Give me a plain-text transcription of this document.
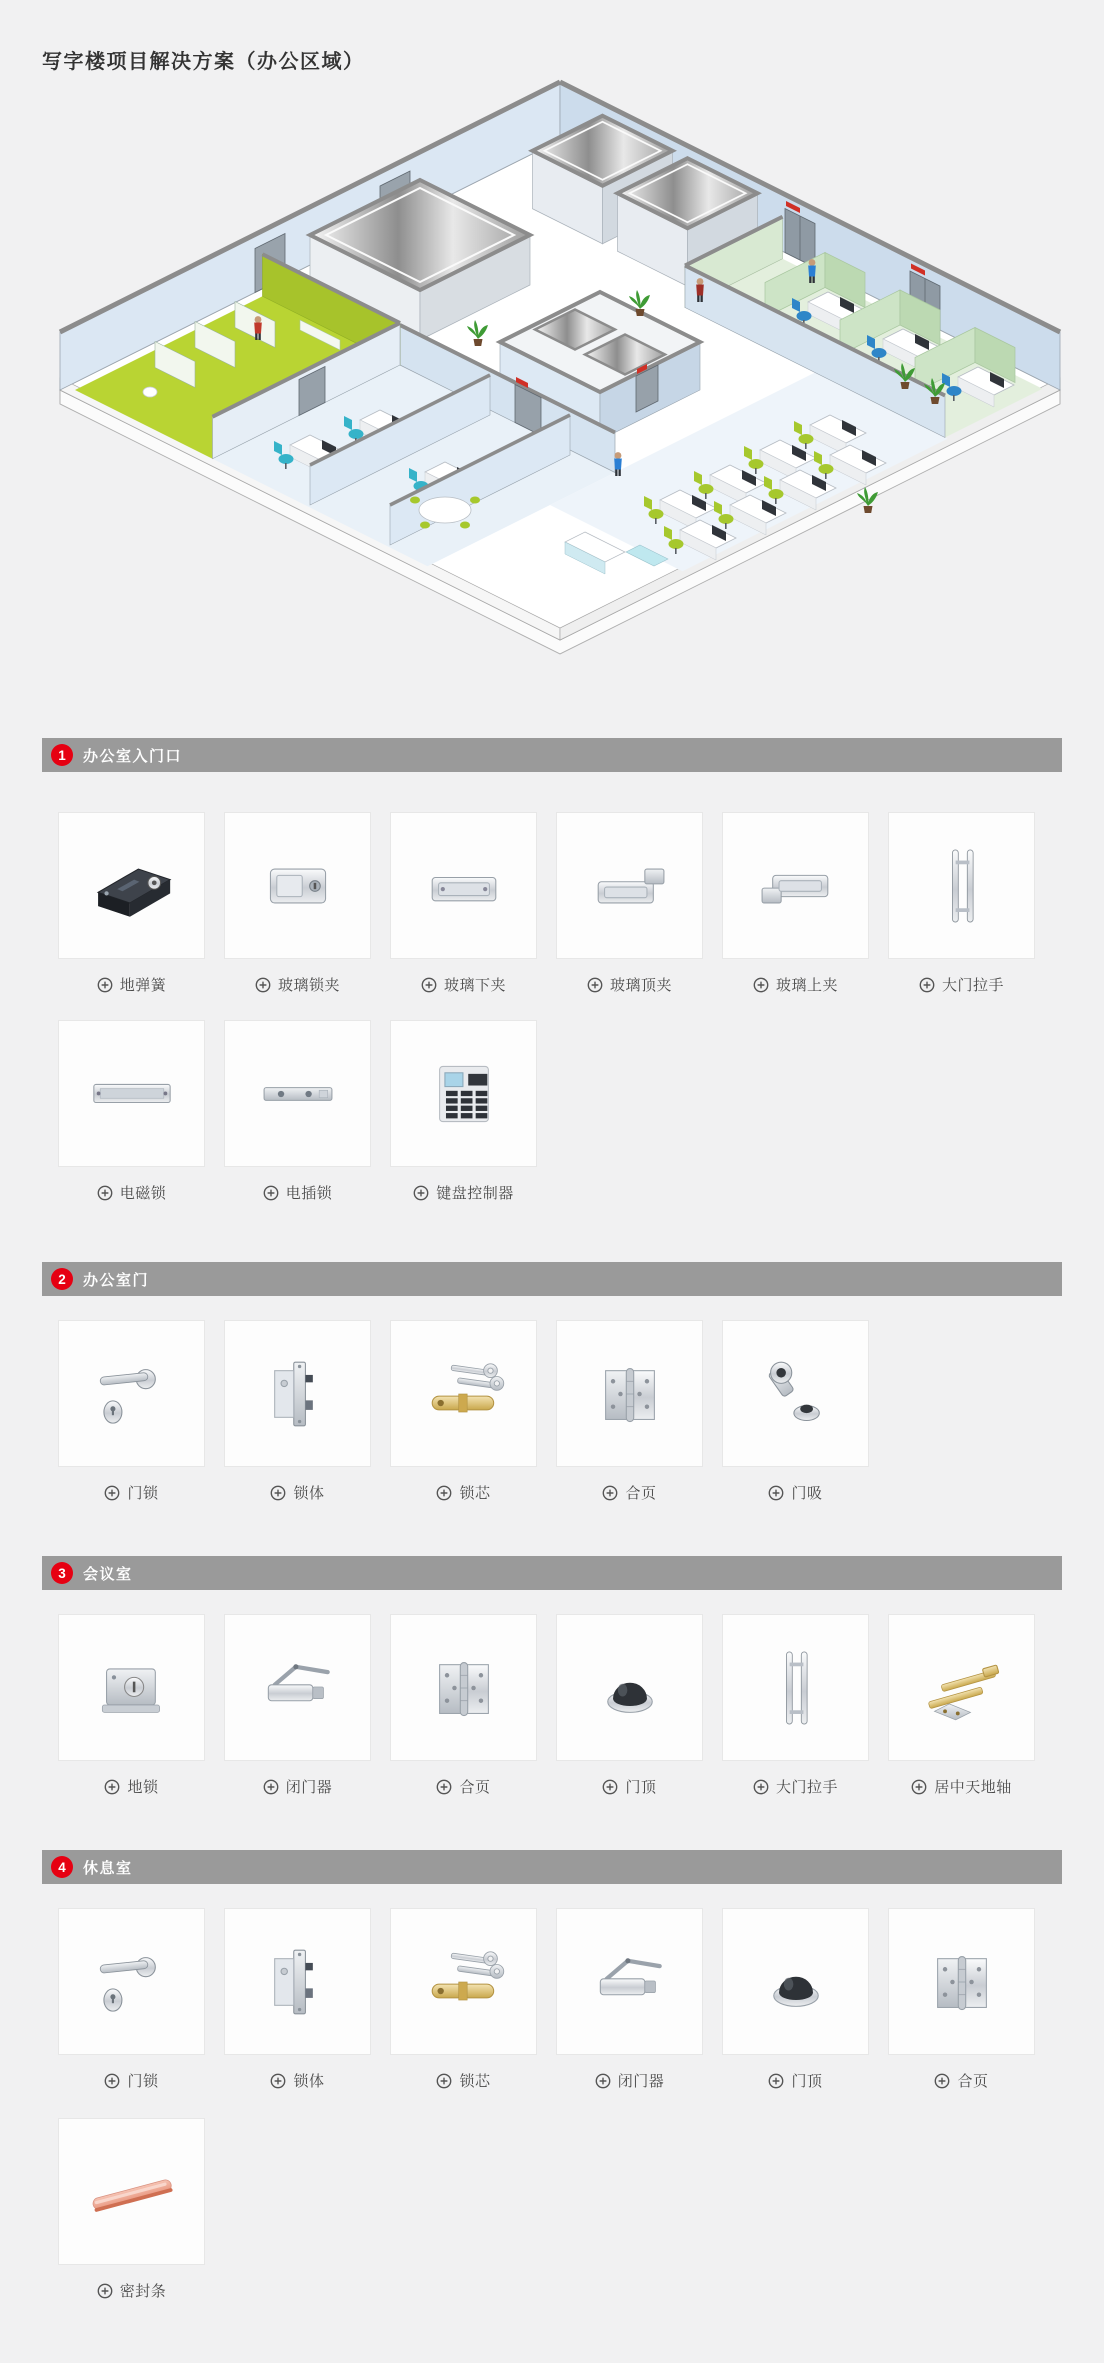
写字楼项目解决方案（办公区域）
1	办公室入门口
地弹簧	玻璃锁夹	玻璃下夹	玻璃顶夹	玻璃上夹	大门拉手
电磁锁	电插锁	键盘控制器
2	办公室门
门锁	锁体	锁芯	合页	门吸
3	会议室
地锁	闭门器	合页	门顶	大门拉手	居中天地轴
4	休息室
门锁	锁体	锁芯	闭门器	门顶	合页
密封条
